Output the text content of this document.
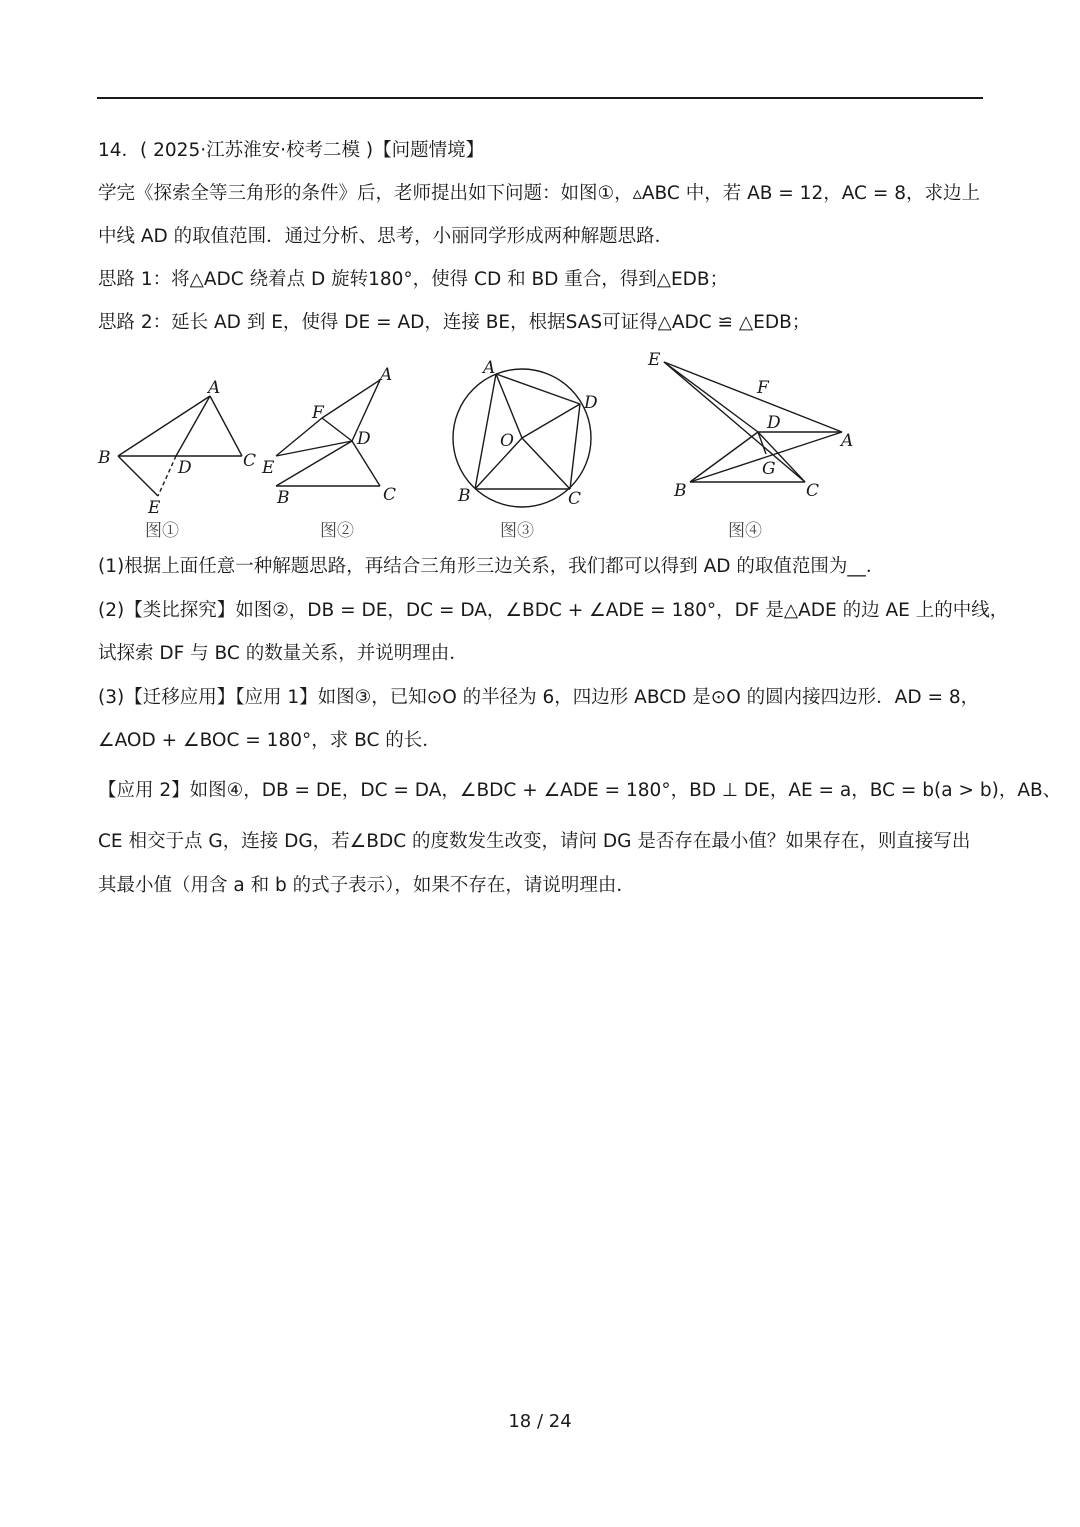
14．( 2025·江苏淮安·校考二模 )【问题情境】
学完《探索全等三角形的条件》后，老师提出如下问题：如图①，▵ABC 中，若 AB = 12，AC = 8，求边上
中线 AD 的取值范围．通过分析、思考，小丽同学形成两种解题思路．
思路 1：将△ADC 绕着点 D 旋转180°，使得 CD 和 BD 重合，得到△EDB；
思路 2：延长 AD 到 E，使得 DE = AD，连接 BE，根据SAS可证得△ADC ≌ △EDB；
A
B	C
D
E
图①
A
F
D
E
B	C
图②
A
D
O
B	C
图③
E
F
D
A
G
B	C
图④
(1)根据上面任意一种解题思路，再结合三角形三边关系，我们都可以得到 AD 的取值范围为__．
(2)【类比探究】如图②，DB = DE，DC = DA，∠BDC + ∠ADE = 180°，DF 是△ADE 的边 AE 上的中线，
试探索 DF 与 BC 的数量关系，并说明理由．
(3)【迁移应用】【应用 1】如图③，已知⊙O 的半径为 6，四边形 ABCD 是⊙O 的圆内接四边形．AD = 8，
∠AOD + ∠BOC = 180°，求 BC 的长．
【应用 2】如图④，DB = DE，DC = DA，∠BDC + ∠ADE = 180°，BD ⊥ DE，AE = a，BC = b(a > b)，AB、
CE 相交于点 G，连接 DG，若∠BDC 的度数发生改变，请问 DG 是否存在最小值？如果存在，则直接写出
其最小值（用含 a 和 b 的式子表示），如果不存在，请说明理由．
18 / 24
